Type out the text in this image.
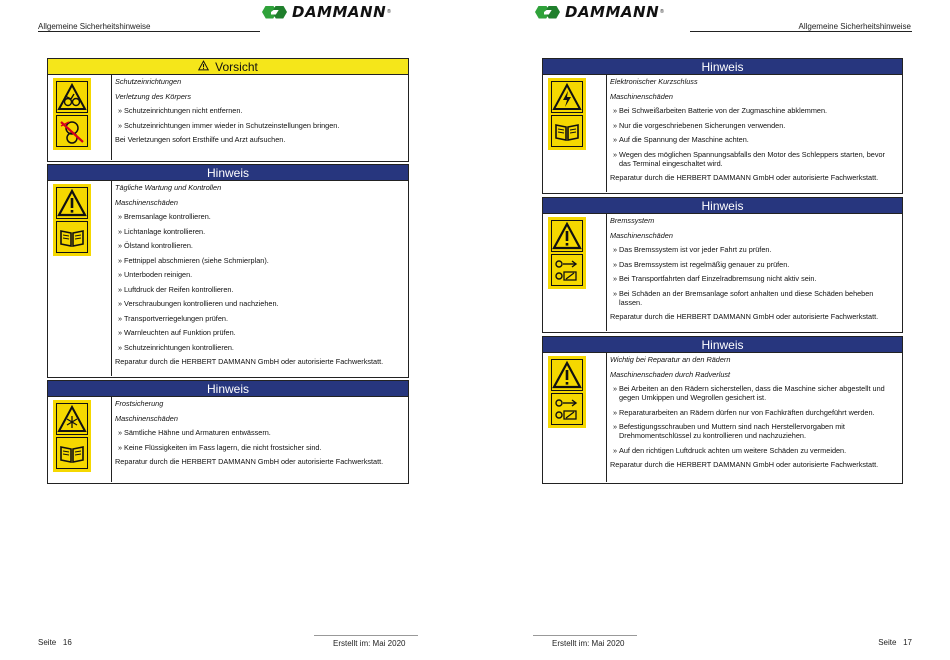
Allgemeine Sicherheitshinweise
DAMMANN ®
Vorsicht
Schutzeinrichtungen
Verletzung des Körpers
» Schutzeinrichtungen nicht entfernen.
» Schutzeinrichtungen immer wieder in Schutzeinstellungen bringen.
Bei Verletzungen sofort Ersthilfe und Arzt aufsuchen.
Hinweis
Tägliche Wartung und Kontrollen
Maschinenschäden
» Bremsanlage kontrollieren.
» Lichtanlage kontrollieren.
» Ölstand kontrollieren.
» Fettnippel abschmieren (siehe Schmierplan).
» Unterboden reinigen.
» Luftdruck der Reifen kontrollieren.
» Verschraubungen kontrollieren und nachziehen.
» Transportverriegelungen prüfen.
» Warnleuchten auf Funktion prüfen.
» Schutzeinrichtungen kontrollieren.
Reparatur durch die HERBERT DAMMANN GmbH oder autorisierte Fachwerkstatt.
Hinweis
Frostsicherung
Maschinenschäden
» Sämtliche Hähne und Armaturen entwässern.
» Keine Flüssigkeiten im Fass lagern, die nicht frostsicher sind.
Reparatur durch die HERBERT DAMMANN GmbH oder autorisierte Fachwerkstatt.
Seite 16	Erstellt im: Mai 2020
DAMMANN ®
Allgemeine Sicherheitshinweise
Hinweis
Elektronischer Kurzschluss
Maschinenschäden
» Bei Schweißarbeiten Batterie von der Zugmaschine abklemmen.
» Nur die vorgeschriebenen Sicherungen verwenden.
» Auf die Spannung der Maschine achten.
» Wegen des möglichen Spannungsabfalls den Motor des Schleppers starten, bevor das Terminal eingeschaltet wird.
Reparatur durch die HERBERT DAMMANN GmbH oder autorisierte Fachwerkstatt.
Hinweis
Bremssystem
Maschinenschäden
» Das Bremssystem ist vor jeder Fahrt zu prüfen.
» Das Bremssystem ist regelmäßig genauer zu prüfen.
» Bei Transportfahrten darf Einzelradbremsung nicht aktiv sein.
» Bei Schäden an der Bremsanlage sofort anhalten und diese Schäden beheben lassen.
Reparatur durch die HERBERT DAMMANN GmbH oder autorisierte Fachwerkstatt.
Hinweis
Wichtig bei Reparatur an den Rädern
Maschinenschaden durch Radverlust
» Bei Arbeiten an den Rädern sicherstellen, dass die Maschine sicher abgestellt und gegen Umkippen und Wegrollen gesichert ist.
» Reparaturarbeiten an Rädern dürfen nur von Fachkräften durchgeführt werden.
» Befestigungsschrauben und Muttern sind nach Herstellervorgaben mit Drehmomentschlüssel zu kontrollieren und nachzuziehen.
» Auf den richtigen Luftdruck achten um weitere Schäden zu vermeiden.
Reparatur durch die HERBERT DAMMANN GmbH oder autorisierte Fachwerkstatt.
Erstellt im: Mai 2020	Seite 17
